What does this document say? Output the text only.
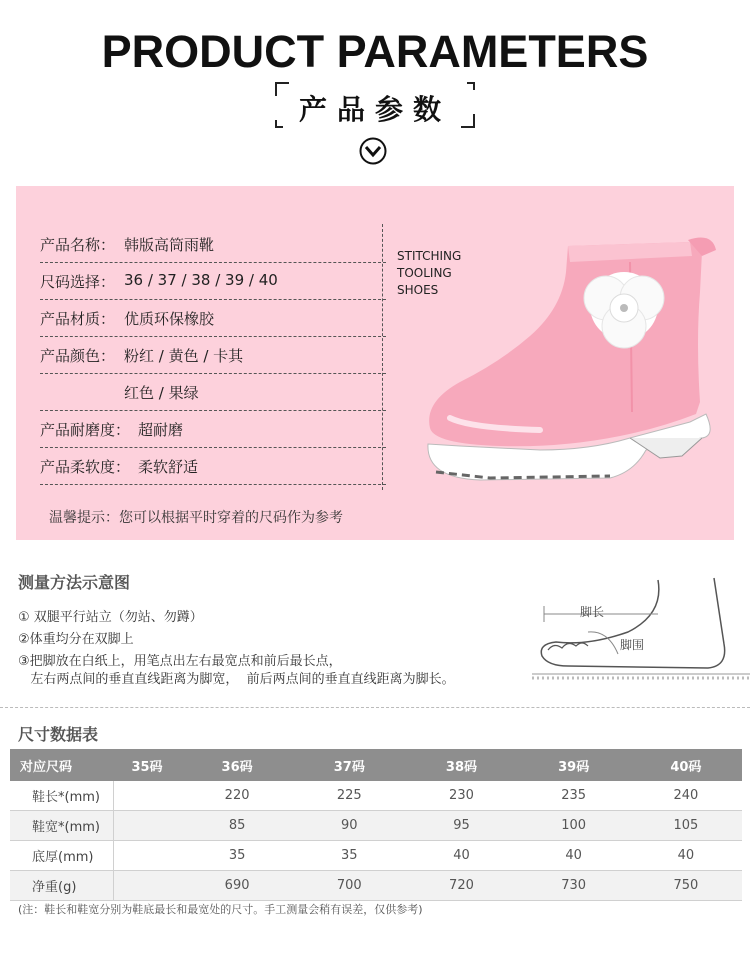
PRODUCT PARAMETERS
产品参数
产品名称： 韩版高筒雨靴
尺码选择： 36 / 37 / 38 / 39 / 40
产品材质： 优质环保橡胶
产品颜色： 粉红 / 黄色 / 卡其
红色 / 果绿
产品耐磨度： 超耐磨
产品柔软度： 柔软舒适
温馨提示：您可以根据平时穿着的尺码作为参考
STITCHING
TOOLING
SHOES
测量方法示意图
① 双腿平行站立（勿站、勿蹲）
②体重均分在双脚上
③把脚放在白纸上，用笔点出左右最宽点和前后最长点，
左右两点间的垂直直线距离为脚宽，  前后两点间的垂直直线距离为脚长。
脚长
脚围
尺寸数据表
对应尺码	35码	36码	37码	38码	39码	40码
鞋长*(mm)		220	225	230	235	240
鞋宽*(mm)		85	90	95	100	105
底厚(mm)		35	35	40	40	40
净重(g)		690	700	720	730	750
(注：鞋长和鞋宽分别为鞋底最长和最宽处的尺寸。手工测量会稍有误差，仅供参考)
